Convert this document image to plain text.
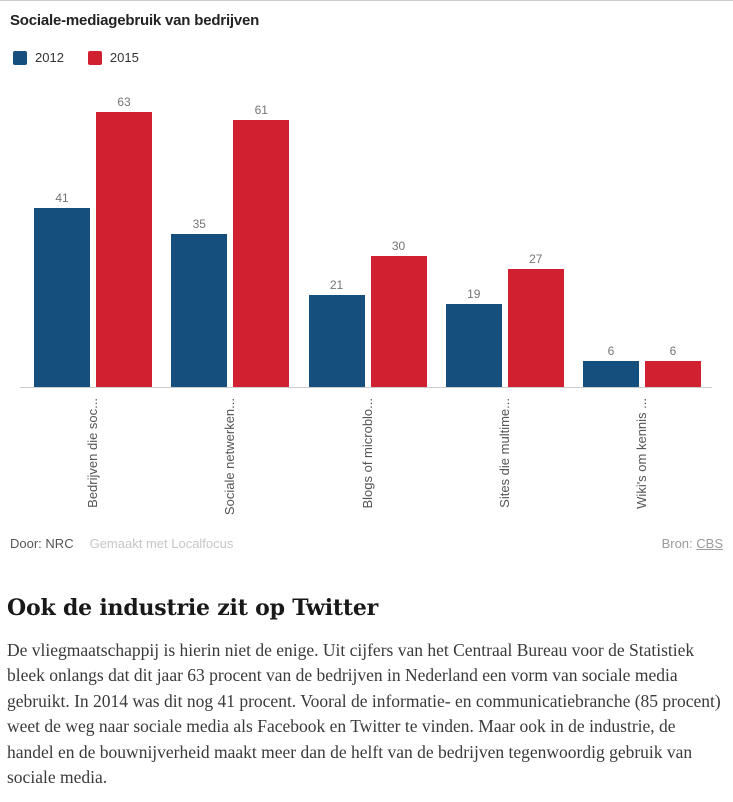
Sociale-mediagebruik van bedrijven
2012	2015
41
63
35
61
21
30
19
27
6	6
Bedrijven die soc...	Sociale netwerken...	Blogs of microblo...	Sites die multime...	Wiki's om kennis ...
Door: NRC Gemaakt met Localfocus	Bron: CBS
Ook de industrie zit op Twitter

De vliegmaatschappij is hierin niet de enige. Uit cijfers van het Centraal Bureau voor de Statistiek bleek onlangs dat dit jaar 63 procent van de bedrijven in Nederland een vorm van sociale media gebruikt. In 2014 was dit nog 41 procent. Vooral de informatie- en communicatiebranche (85 procent) weet de weg naar sociale media als Facebook en Twitter te vinden. Maar ook in de industrie, de handel en de bouwnijverheid maakt meer dan de helft van de bedrijven tegenwoordig gebruik van sociale media.
